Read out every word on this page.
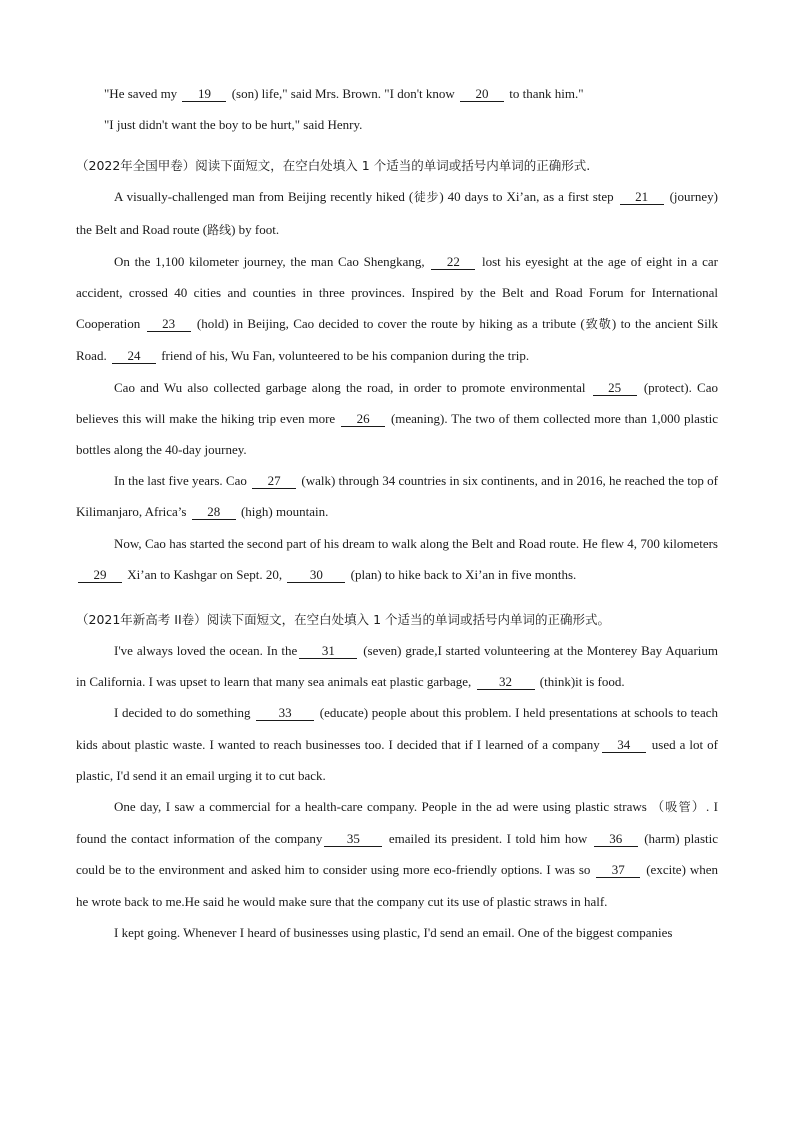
"He saved my 19 (son) life," said Mrs. Brown. "I don't know 20 to thank him."

"I just didn't want the boy to be hurt," said Henry.

（2022年全国甲卷）阅读下面短文，在空白处填入 1 个适当的单词或括号内单词的正确形式.

A visually-challenged man from Beijing recently hiked (徒步) 40 days to Xi’an, as a first step 21 (journey) the Belt and Road route (路线) by foot.

On the 1,100 kilometer journey, the man Cao Shengkang, 22 lost his eyesight at the age of eight in a car accident, crossed 40 cities and counties in three provinces. Inspired by the Belt and Road Forum for International Cooperation 23 (hold) in Beijing, Cao decided to cover the route by hiking as a tribute (致敬) to the ancient Silk Road. 24 friend of his, Wu Fan, volunteered to be his companion during the trip.

Cao and Wu also collected garbage along the road, in order to promote environmental 25 (protect). Cao believes this will make the hiking trip even more 26 (meaning). The two of them collected more than 1,000 plastic bottles along the 40-day journey.

In the last five years. Cao 27 (walk) through 34 countries in six continents, and in 2016, he reached the top of Kilimanjaro, Africa’s 28 (high) mountain.

Now, Cao has started the second part of his dream to walk along the Belt and Road route. He flew 4, 700 kilometers 29 Xi’an to Kashgar on Sept. 20, 30 (plan) to hike back to Xi’an in five months.

（2021年新高考 II卷）阅读下面短文，在空白处填入 1 个适当的单词或括号内单词的正确形式。

I've always loved the ocean. In the 31 (seven) grade,I started volunteering at the Monterey Bay Aquarium in California. I was upset to learn that many sea animals eat plastic garbage, 32 (think)it is food.

I decided to do something 33 (educate) people about this problem. I held presentations at schools to teach kids about plastic waste. I wanted to reach businesses too. I decided that if I learned of a company 34 used a lot of plastic, I'd send it an email urging it to cut back.

One day, I saw a commercial for a health-care company. People in the ad were using plastic straws （吸管）. I found the contact information of the company 35 emailed its president. I told him how 36 (harm) plastic could be to the environment and asked him to consider using more eco-friendly options. I was so 37 (excite) when he wrote back to me.He said he would make sure that the company cut its use of plastic straws in half.

I kept going. Whenever I heard of businesses using plastic, I'd send an email. One of the biggest companies
